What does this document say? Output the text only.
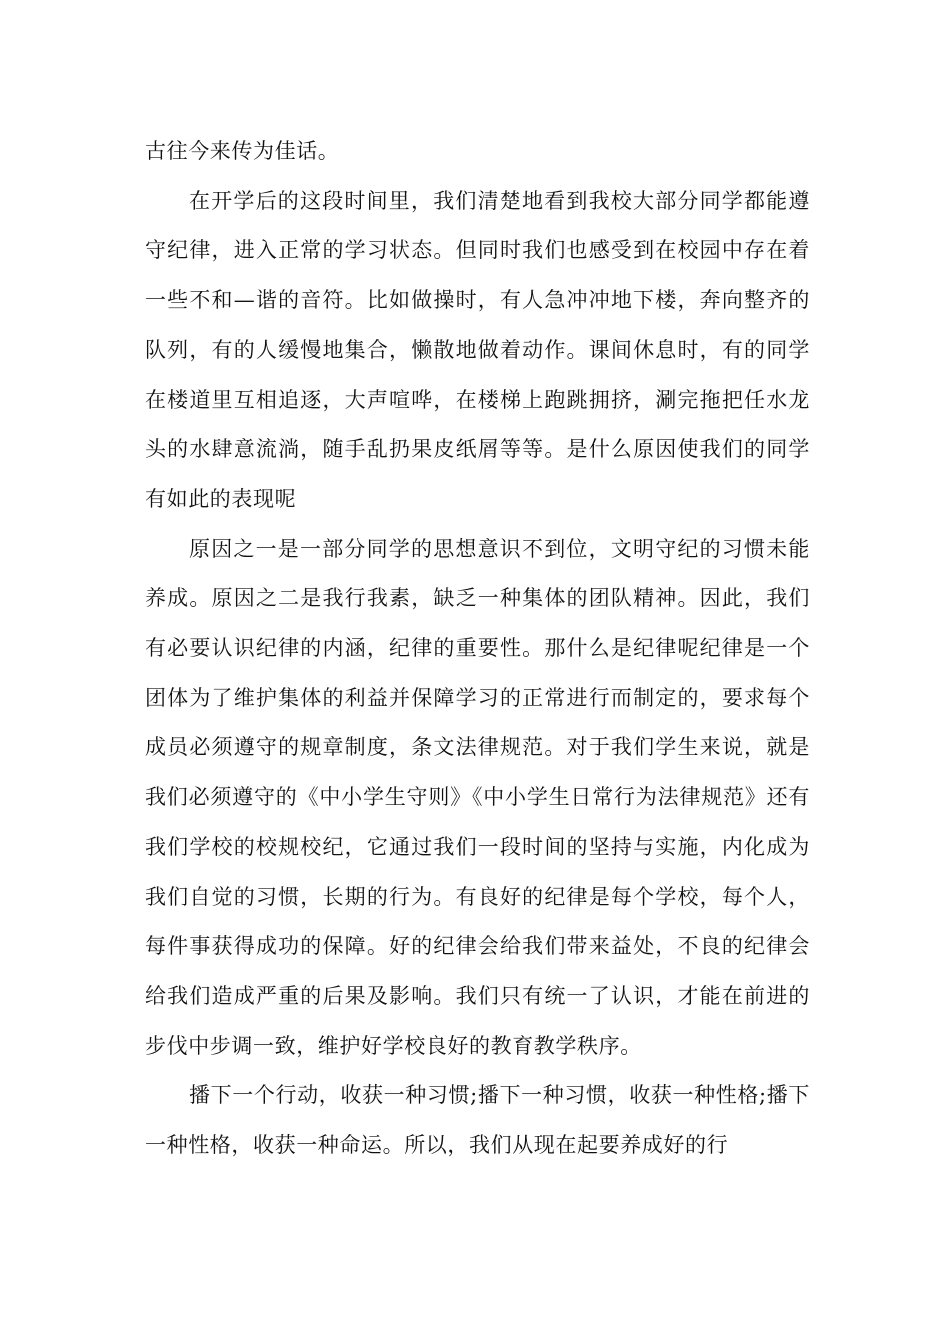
古往今来传为佳话。

在开学后的这段时间里，我们清楚地看到我校大部分同学都能遵守纪律，进入正常的学习状态。但同时我们也感受到在校园中存在着一些不和—谐的音符。比如做操时，有人急冲冲地下楼，奔向整齐的队列，有的人缓慢地集合，懒散地做着动作。课间休息时，有的同学在楼道里互相追逐，大声喧哗，在楼梯上跑跳拥挤，涮完拖把任水龙头的水肆意流淌，随手乱扔果皮纸屑等等。是什么原因使我们的同学有如此的表现呢

原因之一是一部分同学的思想意识不到位，文明守纪的习惯未能养成。原因之二是我行我素，缺乏一种集体的团队精神。因此，我们有必要认识纪律的内涵，纪律的重要性。那什么是纪律呢纪律是一个团体为了维护集体的利益并保障学习的正常进行而制定的，要求每个成员必须遵守的规章制度，条文法律规范。对于我们学生来说，就是我们必须遵守的《中小学生守则》《中小学生日常行为法律规范》还有我们学校的校规校纪，它通过我们一段时间的坚持与实施，内化成为我们自觉的习惯，长期的行为。有良好的纪律是每个学校，每个人，每件事获得成功的保障。好的纪律会给我们带来益处，不良的纪律会给我们造成严重的后果及影响。我们只有统一了认识，才能在前进的步伐中步调一致，维护好学校良好的教育教学秩序。

播下一个行动，收获一种习惯;播下一种习惯，收获一种性格;播下一种性格，收获一种命运。所以，我们从现在起要养成好的行
